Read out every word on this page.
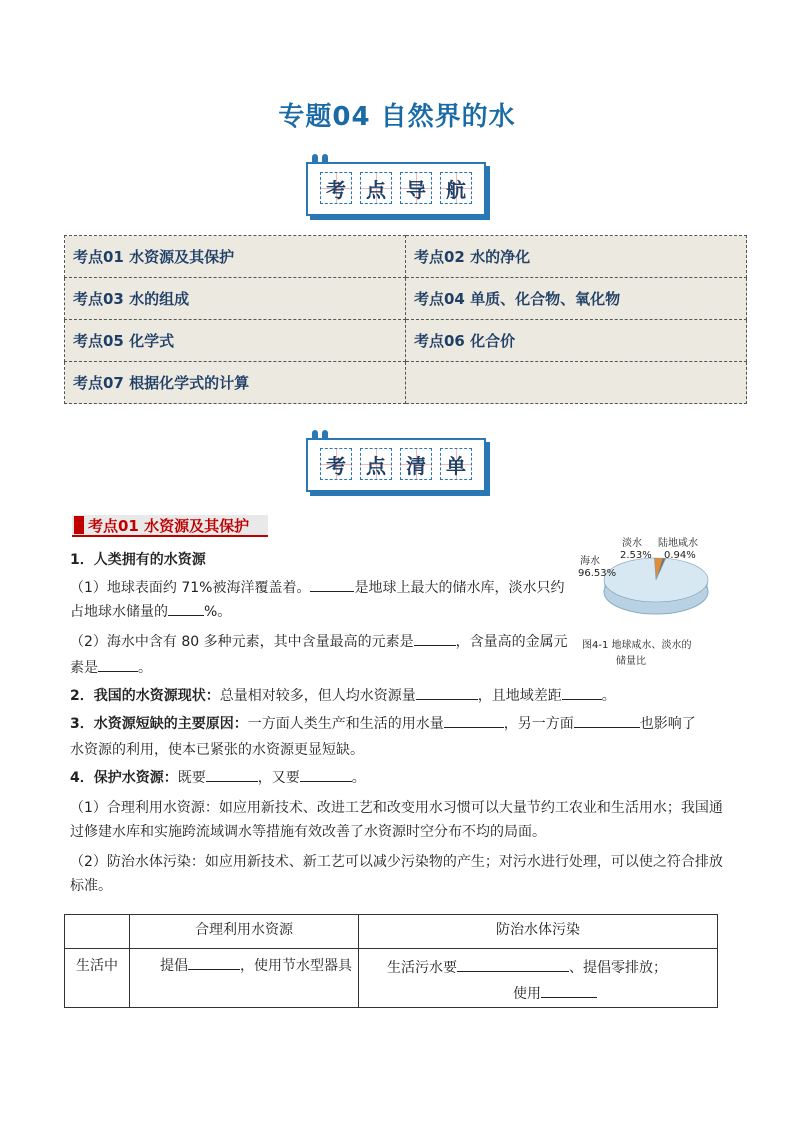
专题04 自然界的水
考	点	导	航
考点01 水资源及其保护	考点02 水的净化
考点03 水的组成	考点04 单质、化合物、氧化物
考点05 化学式	考点06 化合价
考点07 根据化学式的计算	
考	点	清	单
考点01 水资源及其保护
淡水
2.53%
陆地咸水
0.94%
海水
96.53%
图4-1 地球咸水、淡水的
储量比
1．人类拥有的水资源
（1）地球表面约 71%被海洋覆盖着。	是地球上最大的储水库，淡水只约
占地球水储量的	%。
（2）海水中含有 80 多种元素，其中含量最高的元素是	，含量高的金属元
素是	。
2．我国的水资源现状：总量相对较多，但人均水资源量	，且地域差距	。
3．水资源短缺的主要原因：一方面人类生产和生活的用水量	，另一方面	也影响了
水资源的利用，使本已紧张的水资源更显短缺。
4．保护水资源：既要	，又要	。
（1）合理利用水资源：如应用新技术、改进工艺和改变用水习惯可以大量节约工农业和生活用水；我国通
过修建水库和实施跨流域调水等措施有效改善了水资源时空分布不均的局面。
（2）防治水体污染：如应用新技术、新工艺可以减少污染物的产生；对污水进行处理，可以使之符合排放
标准。
	合理利用水资源	防治水体污染
生活中	提倡 ，使用节水型器具	生活污水要 、提倡零排放；
使用
